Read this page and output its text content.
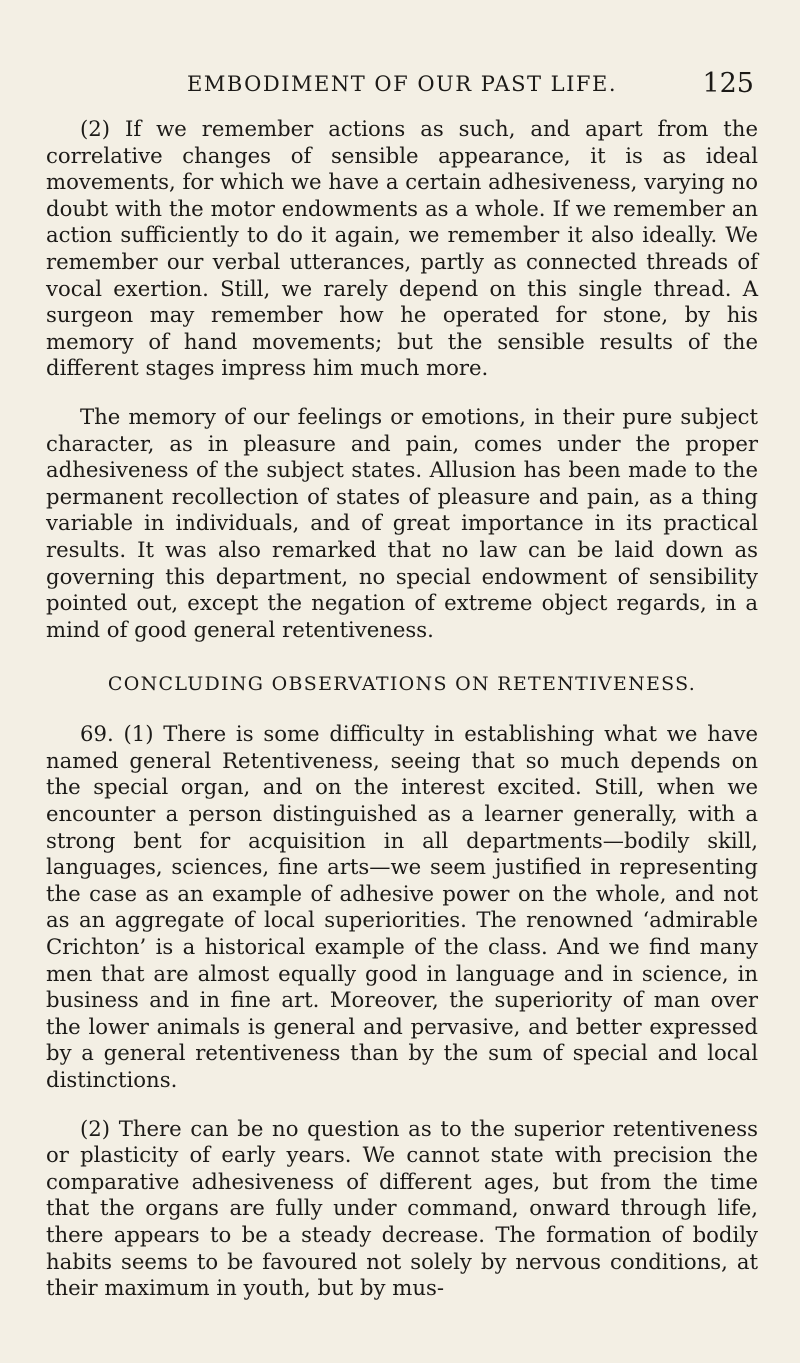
EMBODIMENT OF OUR PAST LIFE.	125

(2) If we remember actions as such, and apart from the correlative changes of sensible appearance, it is as ideal movements, for which we have a certain adhesiveness, varying no doubt with the motor endowments as a whole. If we remember an action sufficiently to do it again, we remember it also ideally. We remember our verbal utterances, partly as connected threads of vocal exertion. Still, we rarely depend on this single thread. A surgeon may remember how he operated for stone, by his memory of hand movements; but the sensible results of the different stages impress him much more.

The memory of our feelings or emotions, in their pure subject character, as in pleasure and pain, comes under the proper adhesiveness of the subject states. Allusion has been made to the permanent recollection of states of pleasure and pain, as a thing variable in individuals, and of great importance in its practical results. It was also remarked that no law can be laid down as governing this department, no special endowment of sensibility pointed out, except the negation of extreme object regards, in a mind of good general retentiveness.

CONCLUDING OBSERVATIONS ON RETENTIVENESS.

69. (1) There is some difficulty in establishing what we have named general Retentiveness, seeing that so much depends on the special organ, and on the interest excited. Still, when we encounter a person distinguished as a learner generally, with a strong bent for acquisition in all departments—bodily skill, languages, sciences, fine arts—we seem justified in representing the case as an example of adhesive power on the whole, and not as an aggregate of local superiorities. The renowned ‘admirable Crichton’ is a historical example of the class. And we find many men that are almost equally good in language and in science, in business and in fine art. Moreover, the superiority of man over the lower animals is general and pervasive, and better expressed by a general retentiveness than by the sum of special and local distinctions.

(2) There can be no question as to the superior retentiveness or plasticity of early years. We cannot state with precision the comparative adhesiveness of different ages, but from the time that the organs are fully under command, onward through life, there appears to be a steady decrease. The formation of bodily habits seems to be favoured not solely by nervous conditions, at their maximum in youth, but by mus-
